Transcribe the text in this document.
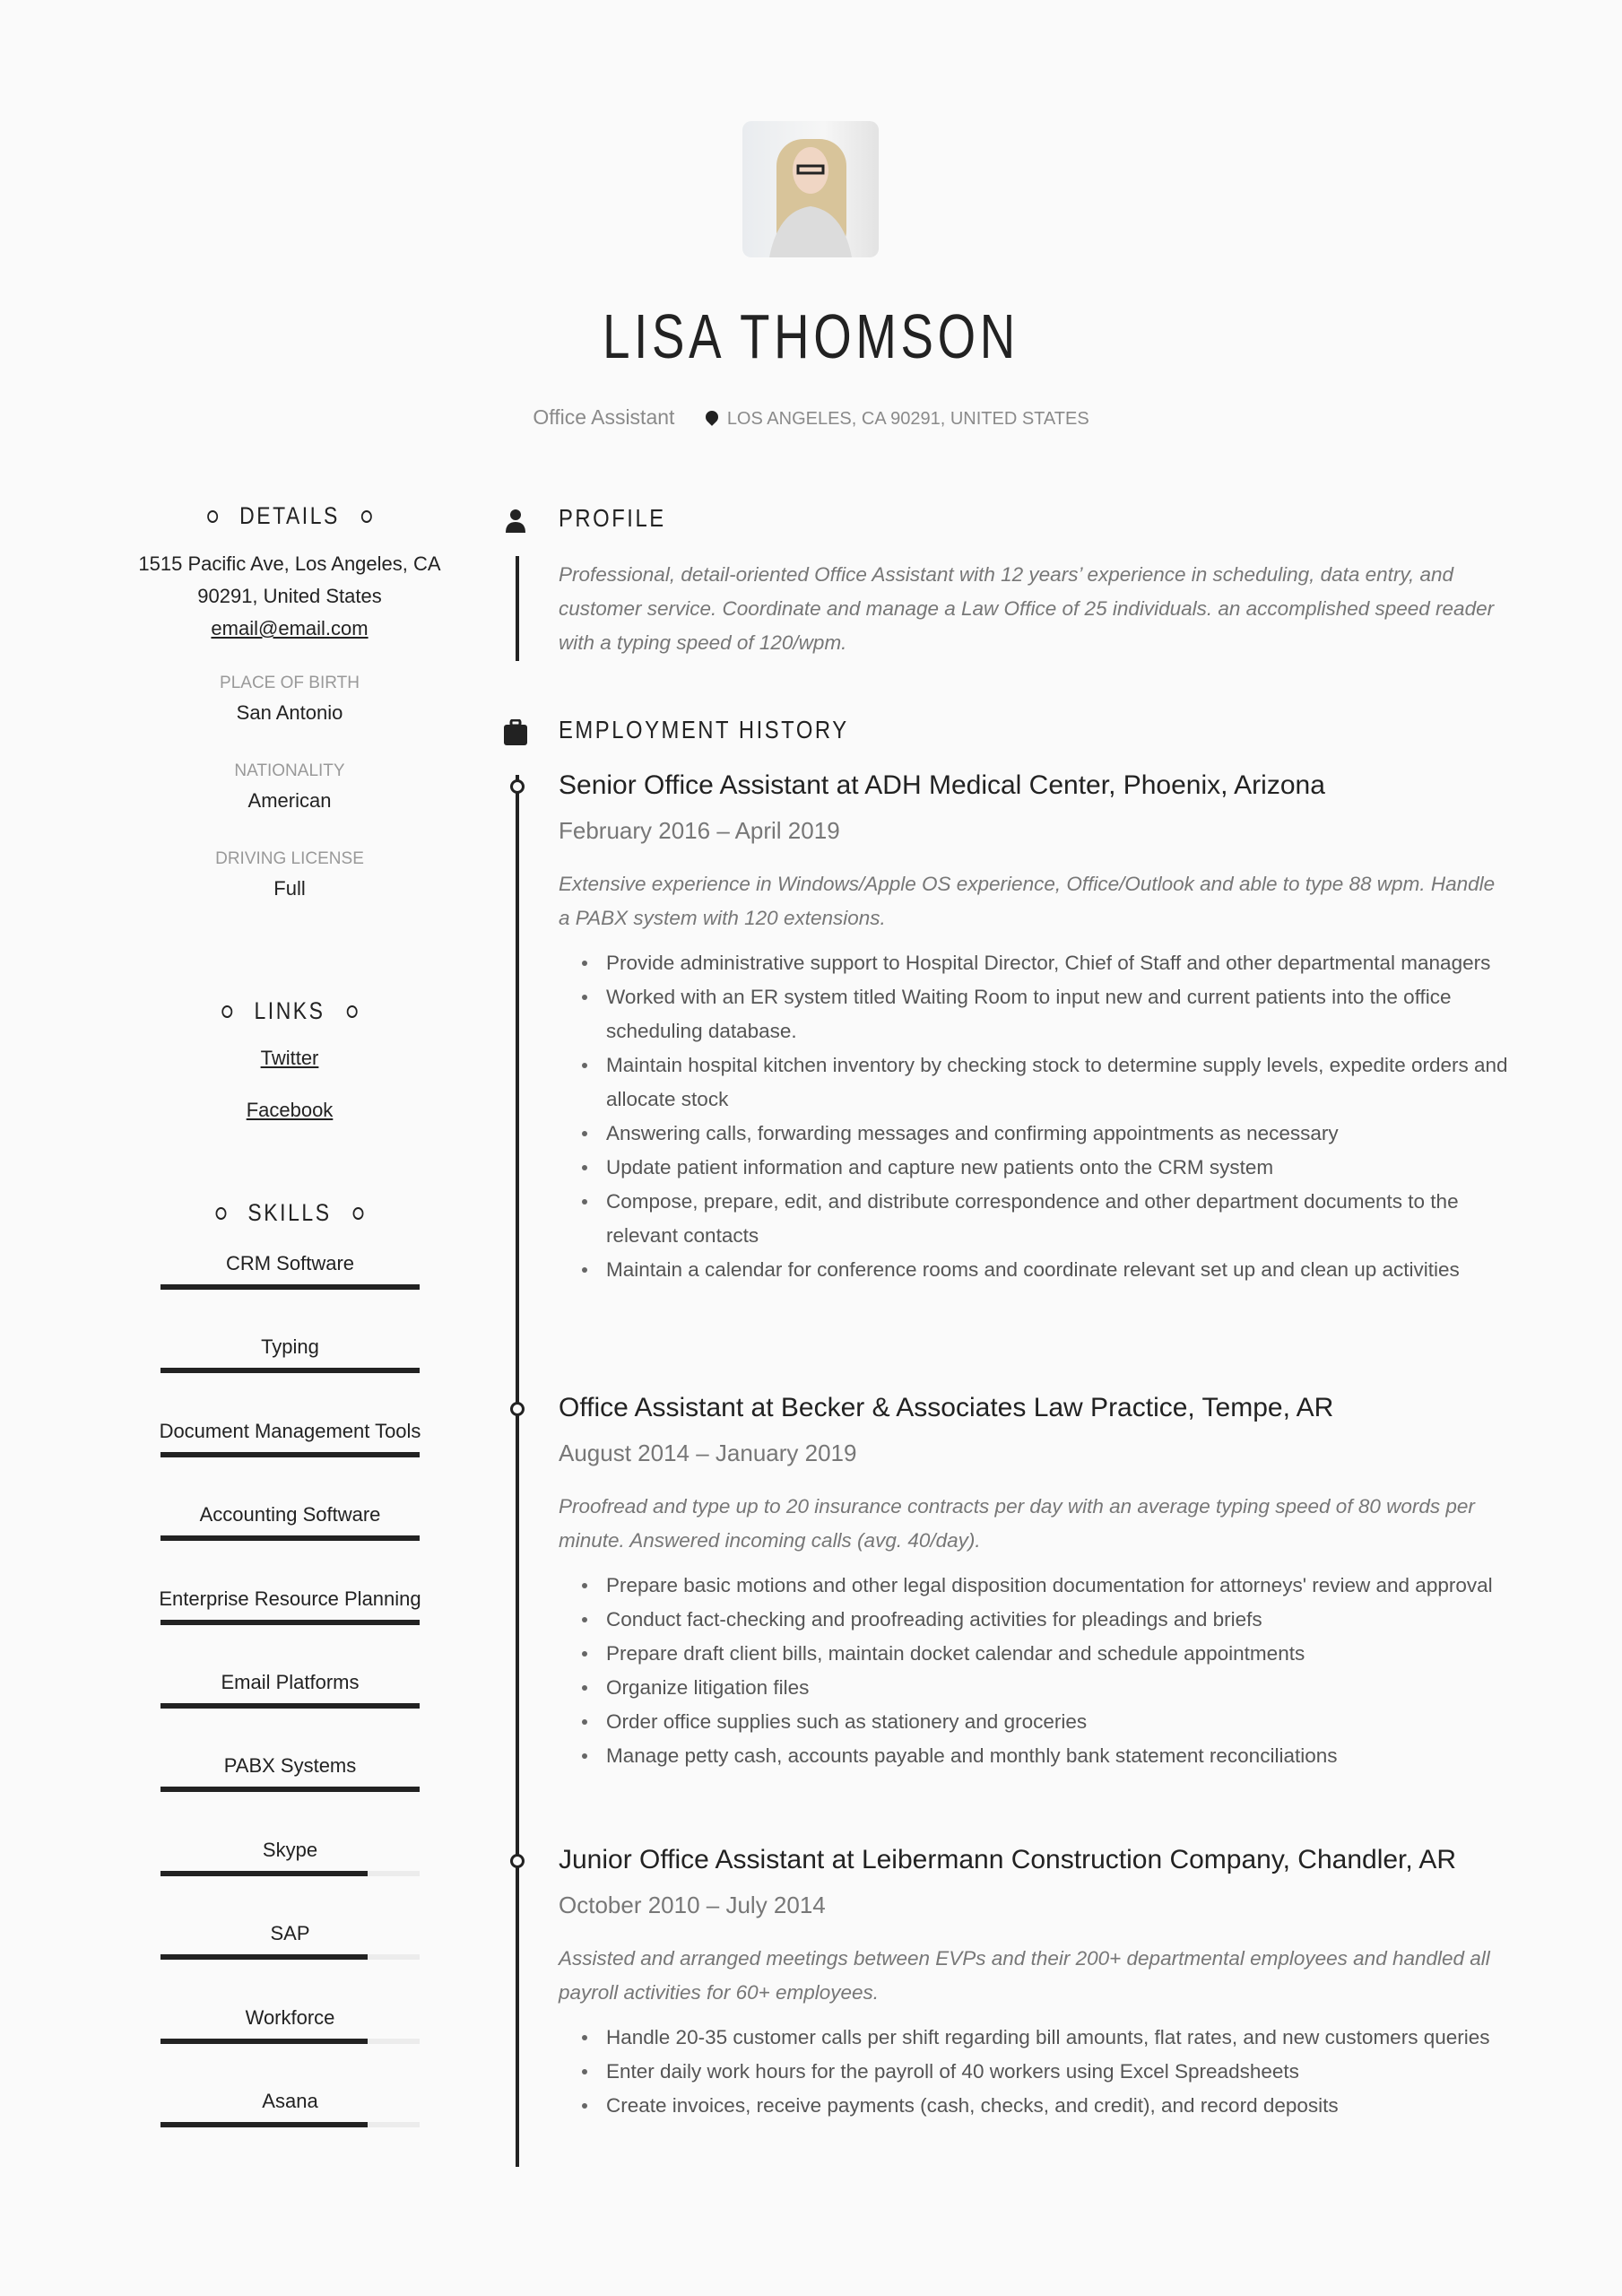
LISA THOMSON
Office Assistant	LOS ANGELES, CA 90291, UNITED STATES
DETAILS
1515 Pacific Ave, Los Angeles, CA
90291, United States
email@email.com
PLACE OF BIRTH
San Antonio
NATIONALITY
American
DRIVING LICENSE
Full
LINKS
Twitter
Facebook
SKILLS
CRM Software
Typing
Document Management Tools
Accounting Software
Enterprise Resource Planning
Email Platforms
PABX Systems
Skype
SAP
Workforce
Asana
PROFILE
Professional, detail-oriented Office Assistant with 12 years’ experience in scheduling, data entry, and customer service. Coordinate and manage a Law Office of 25 individuals. an accomplished speed reader with a typing speed of 120/wpm.
EMPLOYMENT HISTORY
Senior Office Assistant at ADH Medical Center, Phoenix, Arizona
February 2016 – April 2019
Extensive experience in Windows/Apple OS experience, Office/Outlook and able to type 88 wpm. Handle a PABX system with 120 extensions.
Provide administrative support to Hospital Director, Chief of Staff and other departmental managers
Worked with an ER system titled Waiting Room to input new and current patients into the office scheduling database.
Maintain hospital kitchen inventory by checking stock to determine supply levels, expedite orders and allocate stock
Answering calls, forwarding messages and confirming appointments as necessary
Update patient information and capture new patients onto the CRM system
Compose, prepare, edit, and distribute correspondence and other department documents to the relevant contacts
Maintain a calendar for conference rooms and coordinate relevant set up and clean up activities
Office Assistant at Becker & Associates Law Practice, Tempe, AR
August 2014 – January 2019
Proofread and type up to 20 insurance contracts per day with an average typing speed of 80 words per minute. Answered incoming calls (avg. 40/day).
Prepare basic motions and other legal disposition documentation for attorneys' review and approval
Conduct fact-checking and proofreading activities for pleadings and briefs
Prepare draft client bills, maintain docket calendar and schedule appointments
Organize litigation files
Order office supplies such as stationery and groceries
Manage petty cash, accounts payable and monthly bank statement reconciliations
Junior Office Assistant at Leibermann Construction Company, Chandler, AR
October 2010 – July 2014
Assisted and arranged meetings between EVPs and their 200+ departmental employees and handled all payroll activities for 60+ employees.
Handle 20-35 customer calls per shift regarding bill amounts, flat rates, and new customers queries
Enter daily work hours for the payroll of 40 workers using Excel Spreadsheets
Create invoices, receive payments (cash, checks, and credit), and record deposits
